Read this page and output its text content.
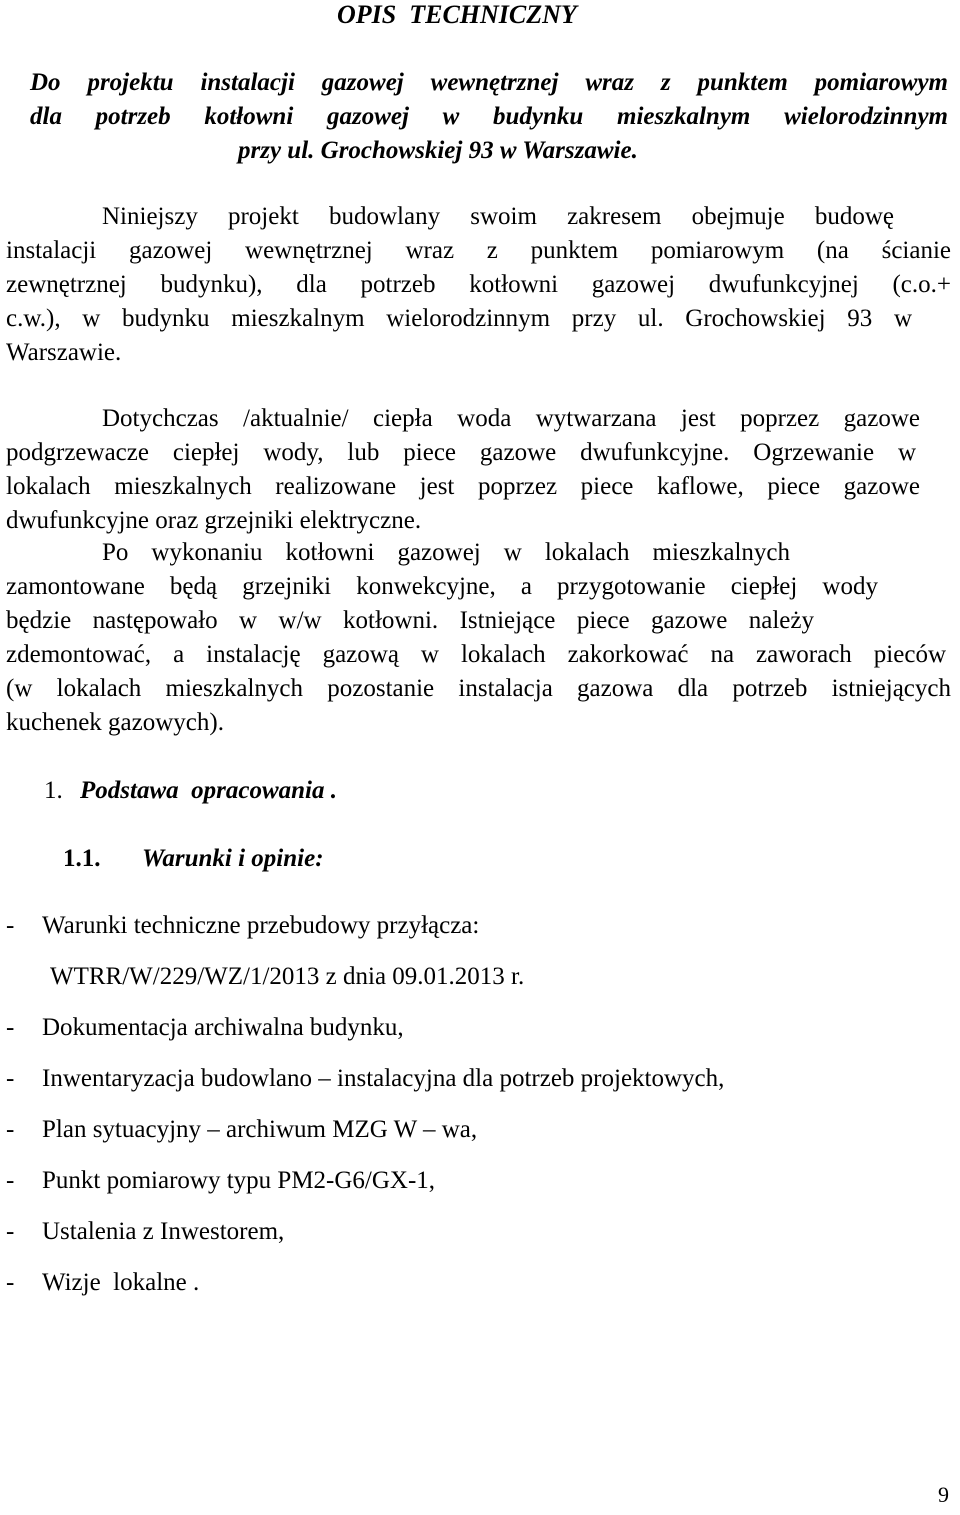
OPIS  TECHNICZNY
Do projektu instalacji gazowej wewnętrznej wraz z punktem pomiarowym
dla potrzeb kotłowni gazowej w budynku mieszkalnym wielorodzinnym
przy ul. Grochowskiej 93 w Warszawie.
Niniejszy projekt budowlany swoim zakresem obejmuje budowę
instalacji gazowej wewnętrznej wraz z punktem pomiarowym (na ścianie
zewnętrznej budynku), dla potrzeb kotłowni gazowej dwufunkcyjnej (c.o.+
c.w.), w budynku mieszkalnym wielorodzinnym przy ul. Grochowskiej 93 w
Warszawie.
Dotychczas /aktualnie/ ciepła woda wytwarzana jest poprzez gazowe
podgrzewacze ciepłej wody, lub piece gazowe dwufunkcyjne. Ogrzewanie w
lokalach mieszkalnych realizowane jest poprzez piece kaflowe, piece gazowe
dwufunkcyjne oraz grzejniki elektryczne.
Po wykonaniu kotłowni gazowej w lokalach mieszkalnych
zamontowane będą grzejniki konwekcyjne, a przygotowanie ciepłej wody
będzie następowało w w/w kotłowni. Istniejące piece gazowe należy
zdemontować, a instalację gazową w lokalach zakorkować na zaworach pieców
(w lokalach mieszkalnych pozostanie instalacja gazowa dla potrzeb istniejących
kuchenek gazowych).
1. Podstawa  opracowania .
1.1. Warunki i opinie:
- Warunki techniczne przebudowy przyłącza:
WTRR/W/229/WZ/1/2013 z dnia 09.01.2013 r.
- Dokumentacja archiwalna budynku,
- Inwentaryzacja budowlano – instalacyjna dla potrzeb projektowych,
- Plan sytuacyjny – archiwum MZG W – wa,
- Punkt pomiarowy typu PM2-G6/GX-1,
- Ustalenia z Inwestorem,
- Wizje  lokalne .
9
